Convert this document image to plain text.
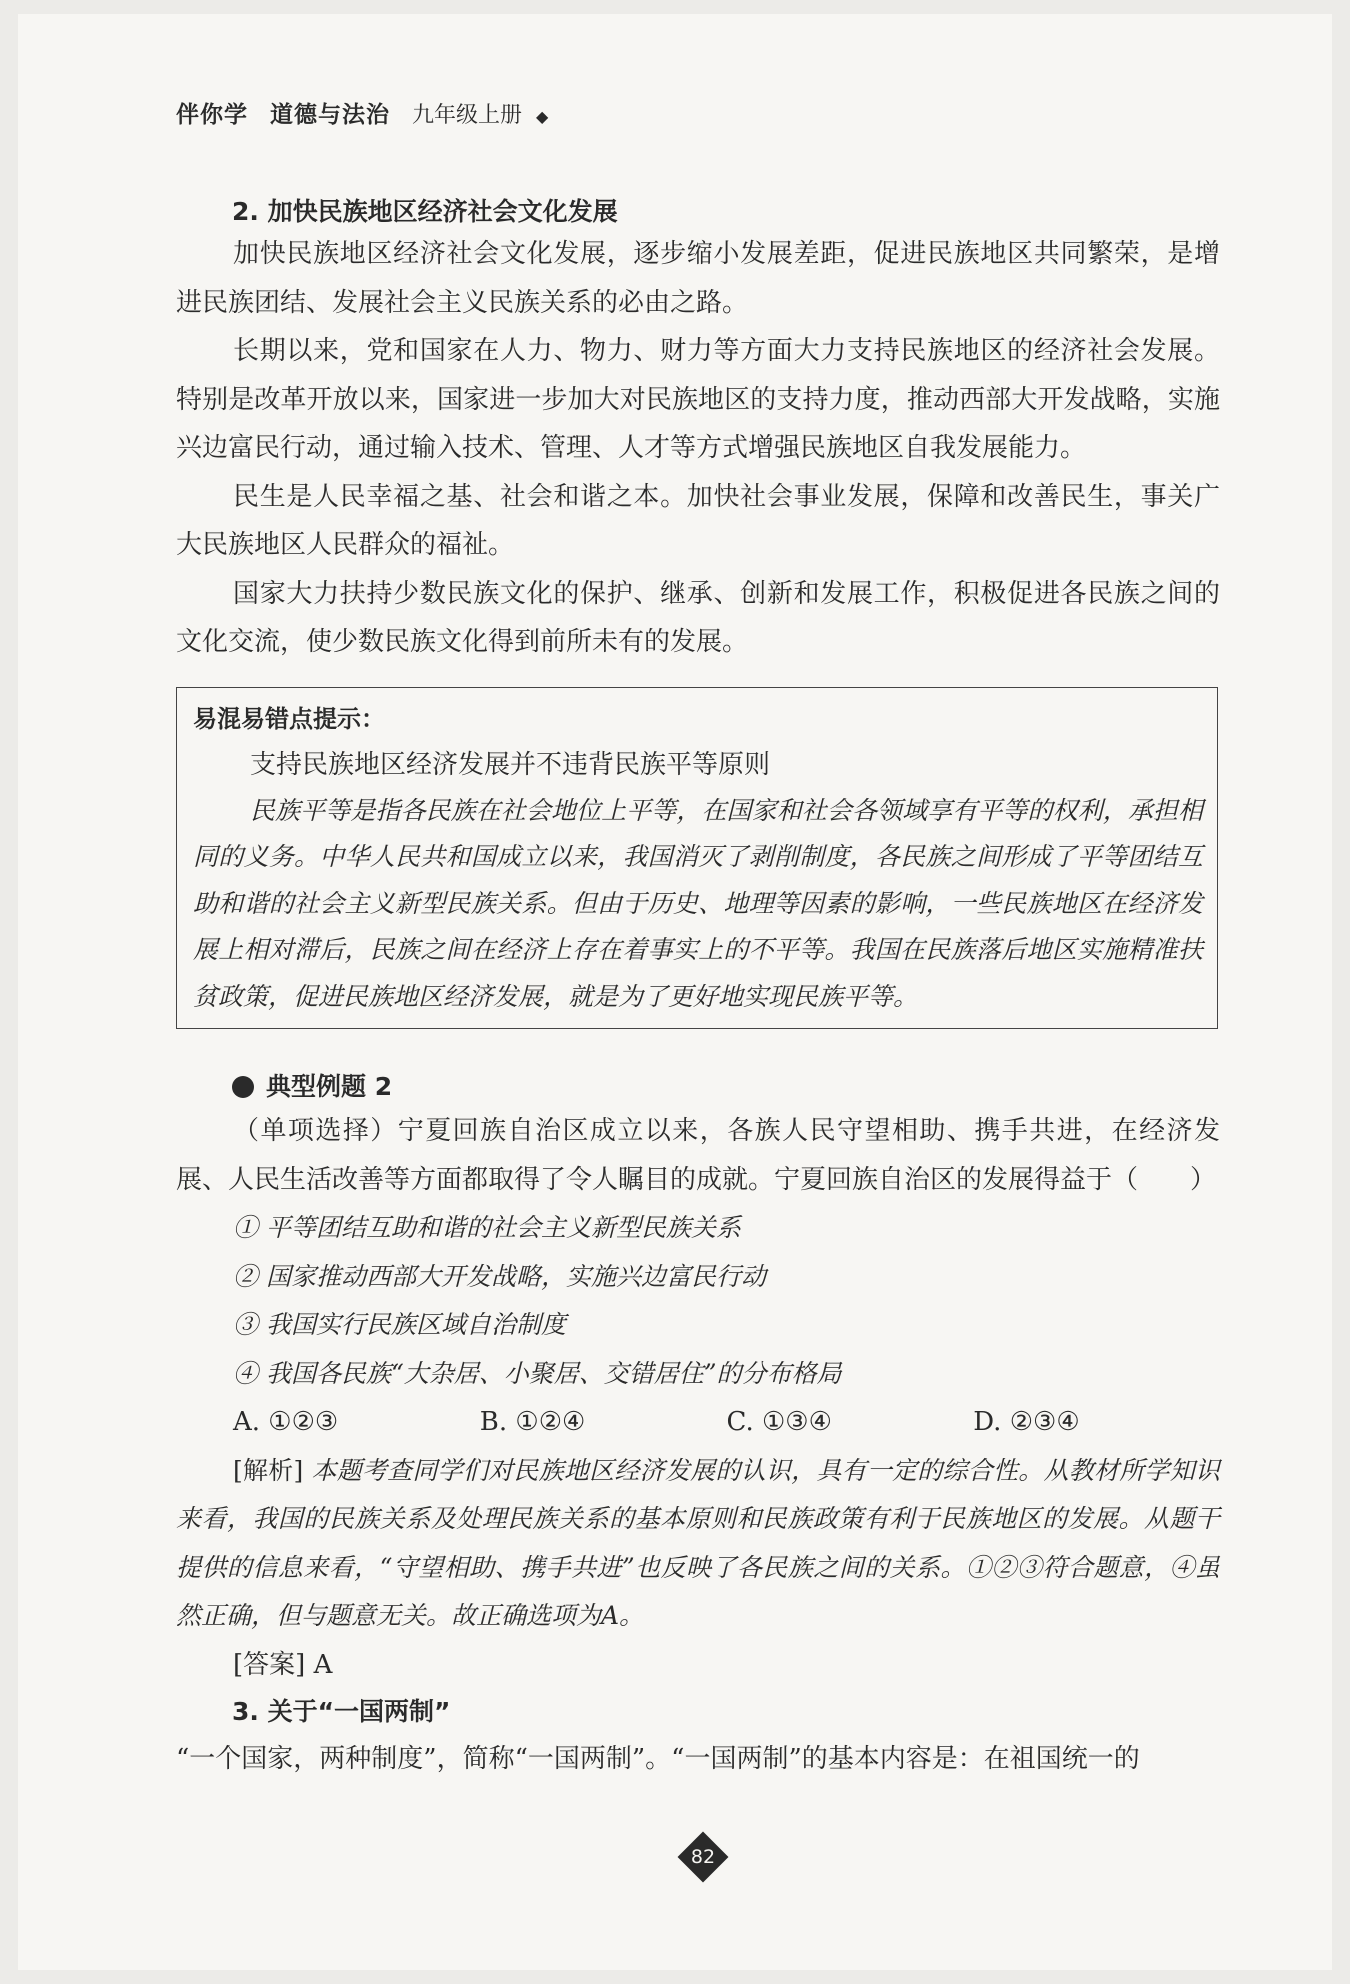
伴你学 道德与法治 九年级上册 ◆
2. 加快民族地区经济社会文化发展

加快民族地区经济社会文化发展，逐步缩小发展差距，促进民族地区共同繁荣，是增进民族团结、发展社会主义民族关系的必由之路。

长期以来，党和国家在人力、物力、财力等方面大力支持民族地区的经济社会发展。特别是改革开放以来，国家进一步加大对民族地区的支持力度，推动西部大开发战略，实施兴边富民行动，通过输入技术、管理、人才等方式增强民族地区自我发展能力。

民生是人民幸福之基、社会和谐之本。加快社会事业发展，保障和改善民生，事关广大民族地区人民群众的福祉。

国家大力扶持少数民族文化的保护、继承、创新和发展工作，积极促进各民族之间的文化交流，使少数民族文化得到前所未有的发展。

易混易错点提示：
支持民族地区经济发展并不违背民族平等原则

民族平等是指各民族在社会地位上平等，在国家和社会各领域享有平等的权利，承担相同的义务。中华人民共和国成立以来，我国消灭了剥削制度，各民族之间形成了平等团结互助和谐的社会主义新型民族关系。但由于历史、地理等因素的影响，一些民族地区在经济发展上相对滞后，民族之间在经济上存在着事实上的不平等。我国在民族落后地区实施精准扶贫政策，促进民族地区经济发展，就是为了更好地实现民族平等。

典型例题 2

（单项选择）宁夏回族自治区成立以来，各族人民守望相助、携手共进，在经济发展、人民生活改善等方面都取得了令人瞩目的成就。宁夏回族自治区的发展得益于（　　）

① 平等团结互助和谐的社会主义新型民族关系
② 国家推动西部大开发战略，实施兴边富民行动
③ 我国实行民族区域自治制度
④ 我国各民族“大杂居、小聚居、交错居住”的分布格局
A. ①②③	B. ①②④	C. ①③④	D. ②③④

[解析] 本题考查同学们对民族地区经济发展的认识，具有一定的综合性。从教材所学知识来看，我国的民族关系及处理民族关系的基本原则和民族政策有利于民族地区的发展。从题干提供的信息来看，“守望相助、携手共进”也反映了各民族之间的关系。①②③符合题意，④虽然正确，但与题意无关。故正确选项为A。

[答案] A
3. 关于“一国两制”

“一个国家，两种制度”，简称“一国两制”。“一国两制”的基本内容是：在祖国统一的

82
